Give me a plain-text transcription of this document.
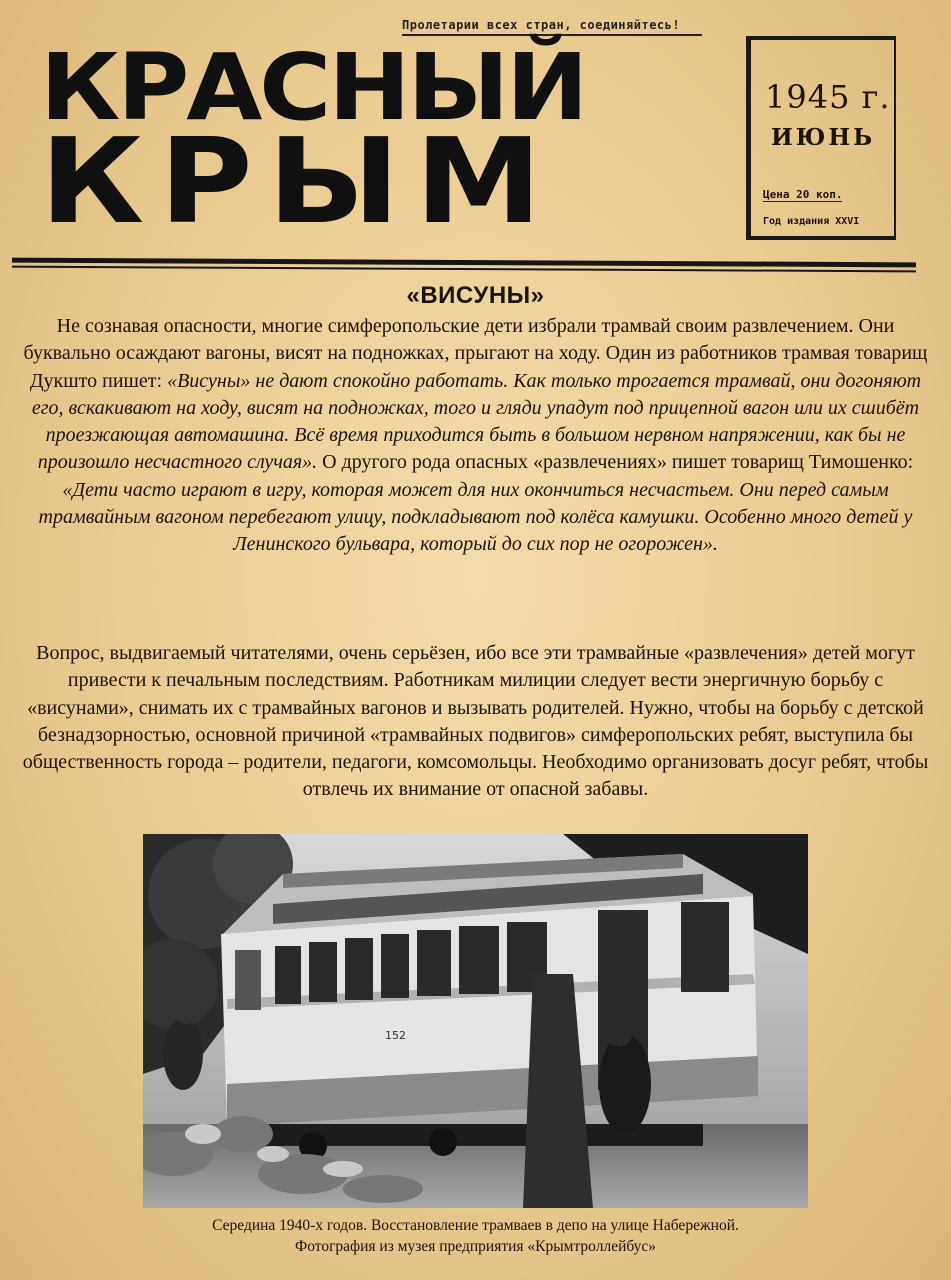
Пролетарии всех стран, соединяйтесь!
КРАСНЫЙ
КРЫМ
1945 г.
ИЮНЬ
Цена 20 коп.
Год издания XXVI
«ВИСУНЫ»
Не сознавая опасности, многие симферопольские дети избрали трамвай своим развлечением. Они буквально осаждают вагоны, висят на подножках, прыгают на ходу. Один из работников трамвая товарищ Дукшто пишет: «Висуны» не дают спокойно работать. Как только трогается трамвай, они догоняют его, вскакивают на ходу, висят на подножках, того и гляди упадут под прицепной вагон или их сшибёт проезжающая автомашина. Всё время приходится быть в большом нервном напряжении, как бы не произошло несчастного случая». О другого рода опасных «развлечениях» пишет товарищ Тимошенко: «Дети часто играют в игру, которая может для них окончиться несчастьем. Они перед самым трамвайным вагоном перебегают улицу, подкладывают под колёса камушки. Особенно много детей у Ленинского бульвара, который до сих пор не огорожен».
Вопрос, выдвигаемый читателями, очень серьёзен, ибо все эти трамвайные «развлечения» детей могут привести к печальным последствиям. Работникам милиции следует вести энергичную борьбу с «висунами», снимать их с трамвайных вагонов и вызывать родителей. Нужно, чтобы на борьбу с детской безнадзорностью, основной причиной «трамвайных подвигов» симферопольских ребят, выступила бы общественность города – родители, педагоги, комсомольцы. Необходимо организовать досуг ребят, чтобы отвлечь их внимание от опасной забавы.
152
Середина 1940-х годов. Восстановление трамваев в депо на улице Набережной.
Фотография из музея предприятия «Крымтроллейбус»
